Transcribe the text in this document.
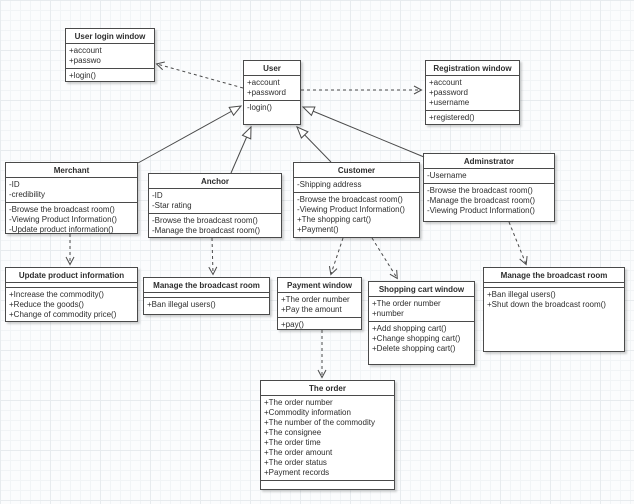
User login window
+account
+passwo
+login()
User
+account
+password
-login()
Registration window
+account
+password
+username
+registered()
Merchant
-ID
-credibility
-Browse the broadcast room()
-Viewing Product Information()
-Update product information()
Anchor
-ID
-Star rating
-Browse the broadcast room()
-Manage the broadcast room()
Customer
-Shipping address
-Browse the broadcast room()
-Viewing Product Information()
+The shopping cart()
+Payment()
Adminstrator
-Username
-Browse the broadcast room()
-Manage the broadcast room()
-Viewing Product Information()
Update product information
+Increase the commodity()
+Reduce the goods()
+Change of commodity price()
Manage the broadcast room
+Ban illegal users()
Payment window
+The order number
+Pay the amount
+pay()
Shopping cart window
+The order number
+number
+Add shopping cart()
+Change shopping cart()
+Delete shopping cart()
Manage the broadcast room
+Ban illegal users()
+Shut down the broadcast room()
The order
+The order number
+Commodity information
+The number of the commodity
+The consignee
+The order time
+The order amount
+The order status
+Payment records
